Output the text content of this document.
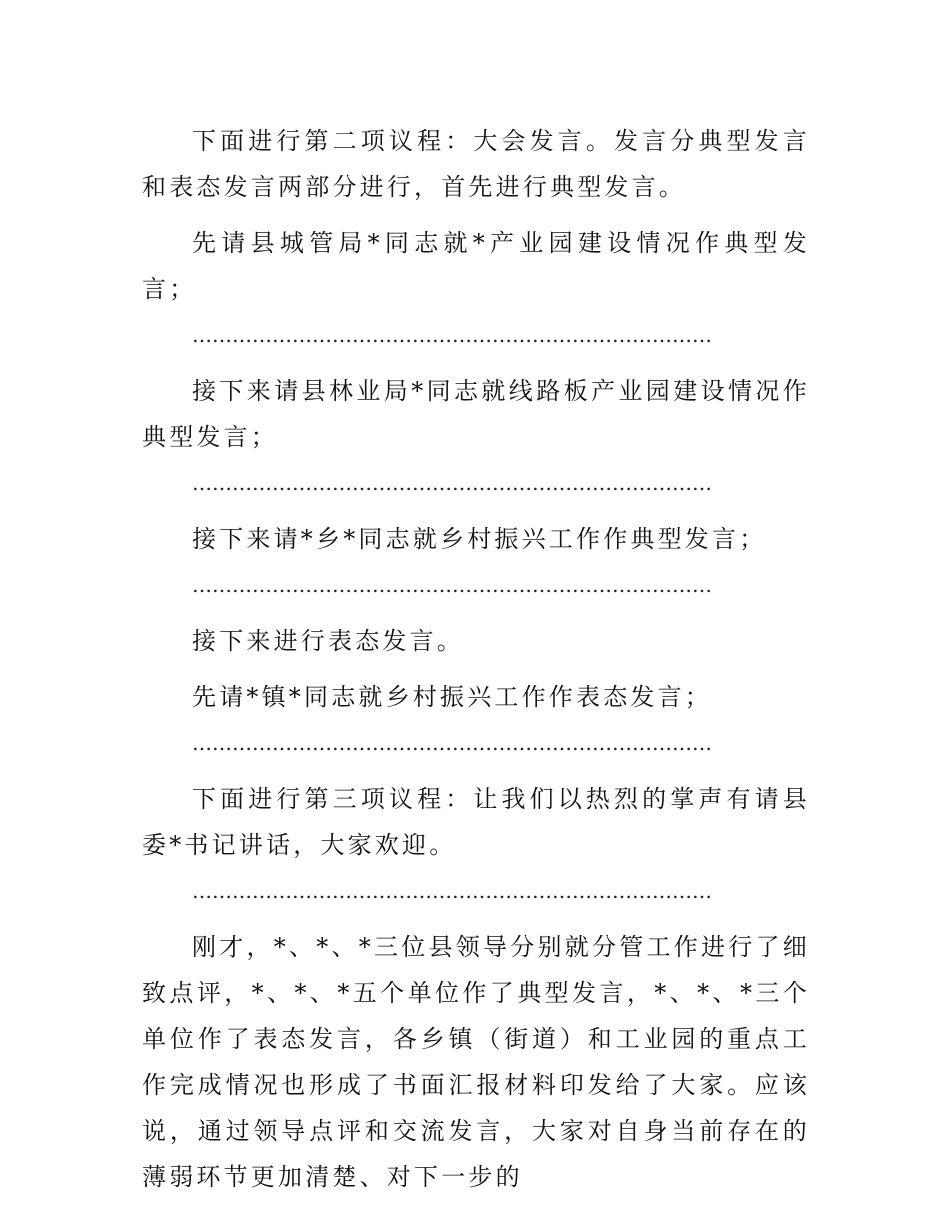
下面进行第二项议程：大会发言。发言分典型发言和表态发言两部分进行，首先进行典型发言。

先请县城管局*同志就*产业园建设情况作典型发言；

……………………………………………………………………

接下来请县林业局*同志就线路板产业园建设情况作典型发言；

……………………………………………………………………

接下来请*乡*同志就乡村振兴工作作典型发言；

……………………………………………………………………

接下来进行表态发言。

先请*镇*同志就乡村振兴工作作表态发言；

……………………………………………………………………

下面进行第三项议程：让我们以热烈的掌声有请县委*书记讲话，大家欢迎。

……………………………………………………………………

刚才，*、*、*三位县领导分别就分管工作进行了细致点评，*、*、*五个单位作了典型发言，*、*、*三个单位作了表态发言，各乡镇（街道）和工业园的重点工作完成情况也形成了书面汇报材料印发给了大家。应该说，通过领导点评和交流发言，大家对自身当前存在的薄弱环节更加清楚、对下一步的
